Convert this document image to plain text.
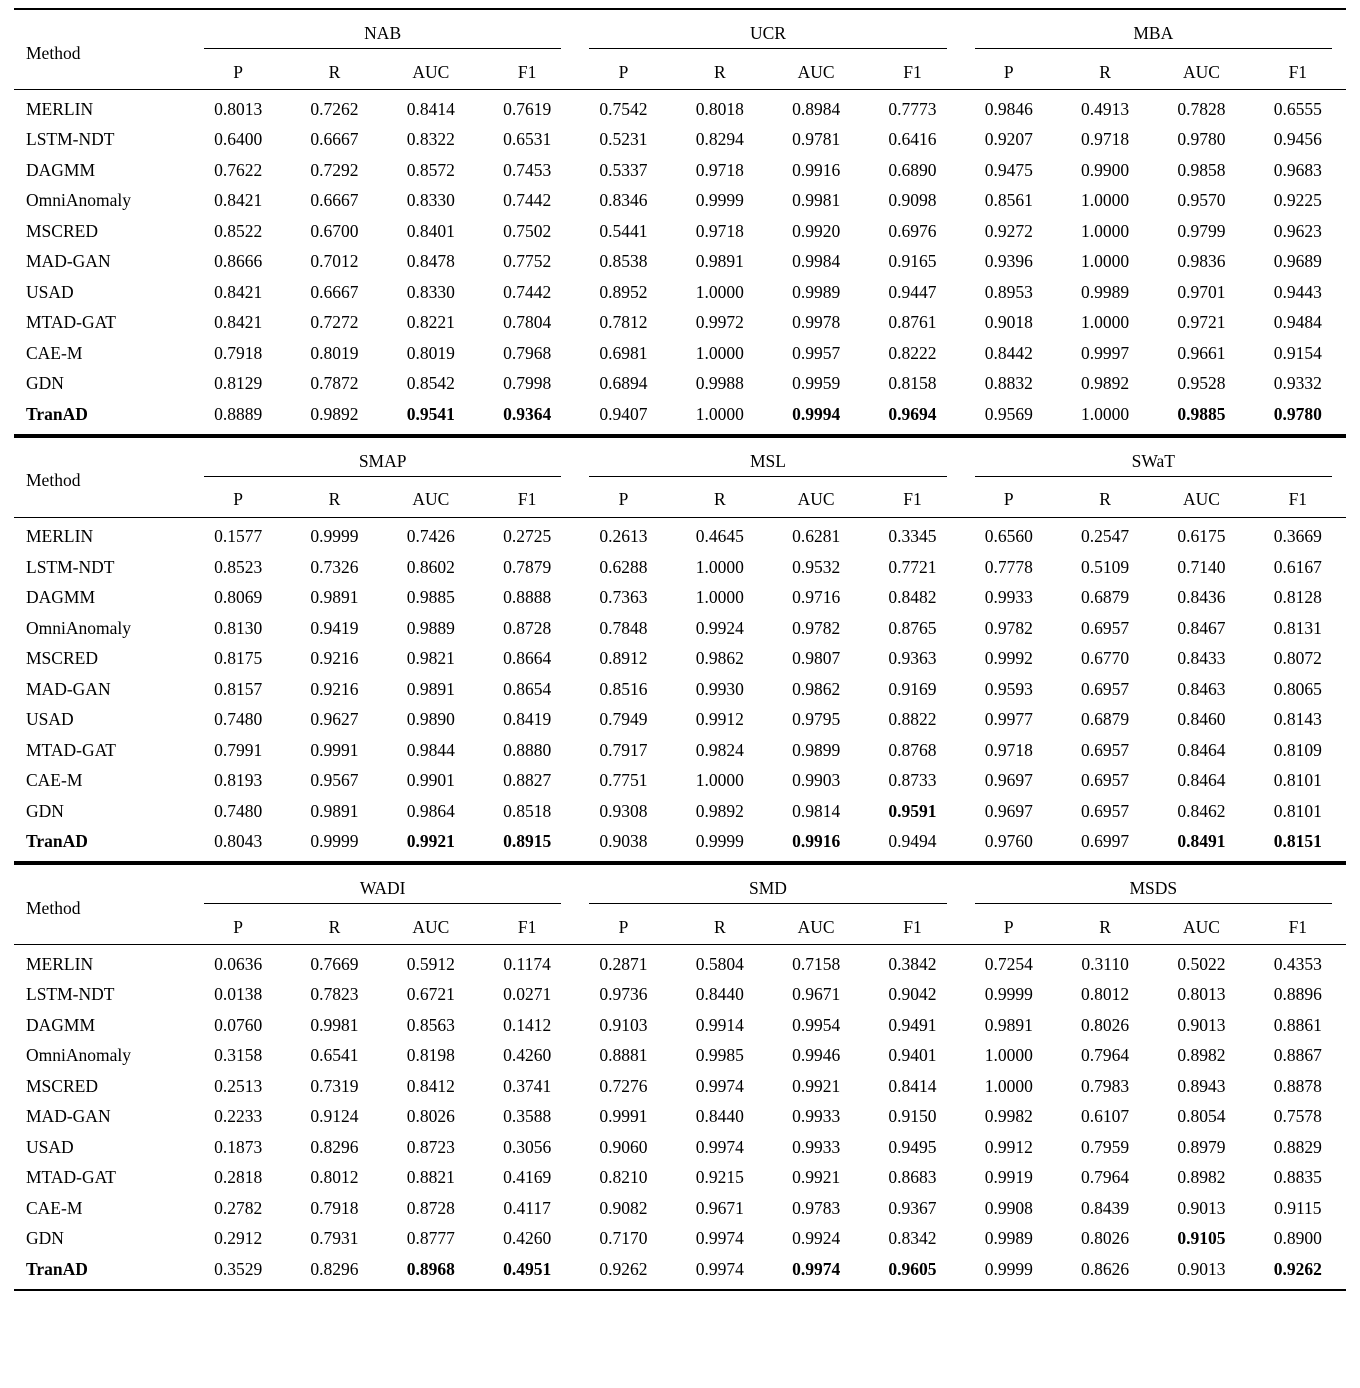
Method	NAB				UCR				MBA			

	P	R	AUC	F1	P	R	AUC	F1	P	R	AUC	F1

MERLIN	0.8013	0.7262	0.8414	0.7619	0.7542	0.8018	0.8984	0.7773	0.9846	0.4913	0.7828	0.6555
LSTM-NDT	0.6400	0.6667	0.8322	0.6531	0.5231	0.8294	0.9781	0.6416	0.9207	0.9718	0.9780	0.9456
DAGMM	0.7622	0.7292	0.8572	0.7453	0.5337	0.9718	0.9916	0.6890	0.9475	0.9900	0.9858	0.9683
OmniAnomaly	0.8421	0.6667	0.8330	0.7442	0.8346	0.9999	0.9981	0.9098	0.8561	1.0000	0.9570	0.9225
MSCRED	0.8522	0.6700	0.8401	0.7502	0.5441	0.9718	0.9920	0.6976	0.9272	1.0000	0.9799	0.9623
MAD-GAN	0.8666	0.7012	0.8478	0.7752	0.8538	0.9891	0.9984	0.9165	0.9396	1.0000	0.9836	0.9689
USAD	0.8421	0.6667	0.8330	0.7442	0.8952	1.0000	0.9989	0.9447	0.8953	0.9989	0.9701	0.9443
MTAD-GAT	0.8421	0.7272	0.8221	0.7804	0.7812	0.9972	0.9978	0.8761	0.9018	1.0000	0.9721	0.9484
CAE-M	0.7918	0.8019	0.8019	0.7968	0.6981	1.0000	0.9957	0.8222	0.8442	0.9997	0.9661	0.9154
GDN	0.8129	0.7872	0.8542	0.7998	0.6894	0.9988	0.9959	0.8158	0.8832	0.9892	0.9528	0.9332
TranAD	0.8889	0.9892	0.9541	0.9364	0.9407	1.0000	0.9994	0.9694	0.9569	1.0000	0.9885	0.9780

Method	SMAP				MSL				SWaT			

	P	R	AUC	F1	P	R	AUC	F1	P	R	AUC	F1

MERLIN	0.1577	0.9999	0.7426	0.2725	0.2613	0.4645	0.6281	0.3345	0.6560	0.2547	0.6175	0.3669
LSTM-NDT	0.8523	0.7326	0.8602	0.7879	0.6288	1.0000	0.9532	0.7721	0.7778	0.5109	0.7140	0.6167
DAGMM	0.8069	0.9891	0.9885	0.8888	0.7363	1.0000	0.9716	0.8482	0.9933	0.6879	0.8436	0.8128
OmniAnomaly	0.8130	0.9419	0.9889	0.8728	0.7848	0.9924	0.9782	0.8765	0.9782	0.6957	0.8467	0.8131
MSCRED	0.8175	0.9216	0.9821	0.8664	0.8912	0.9862	0.9807	0.9363	0.9992	0.6770	0.8433	0.8072
MAD-GAN	0.8157	0.9216	0.9891	0.8654	0.8516	0.9930	0.9862	0.9169	0.9593	0.6957	0.8463	0.8065
USAD	0.7480	0.9627	0.9890	0.8419	0.7949	0.9912	0.9795	0.8822	0.9977	0.6879	0.8460	0.8143
MTAD-GAT	0.7991	0.9991	0.9844	0.8880	0.7917	0.9824	0.9899	0.8768	0.9718	0.6957	0.8464	0.8109
CAE-M	0.8193	0.9567	0.9901	0.8827	0.7751	1.0000	0.9903	0.8733	0.9697	0.6957	0.8464	0.8101
GDN	0.7480	0.9891	0.9864	0.8518	0.9308	0.9892	0.9814	0.9591	0.9697	0.6957	0.8462	0.8101
TranAD	0.8043	0.9999	0.9921	0.8915	0.9038	0.9999	0.9916	0.9494	0.9760	0.6997	0.8491	0.8151

Method	WADI				SMD				MSDS			

	P	R	AUC	F1	P	R	AUC	F1	P	R	AUC	F1

MERLIN	0.0636	0.7669	0.5912	0.1174	0.2871	0.5804	0.7158	0.3842	0.7254	0.3110	0.5022	0.4353
LSTM-NDT	0.0138	0.7823	0.6721	0.0271	0.9736	0.8440	0.9671	0.9042	0.9999	0.8012	0.8013	0.8896
DAGMM	0.0760	0.9981	0.8563	0.1412	0.9103	0.9914	0.9954	0.9491	0.9891	0.8026	0.9013	0.8861
OmniAnomaly	0.3158	0.6541	0.8198	0.4260	0.8881	0.9985	0.9946	0.9401	1.0000	0.7964	0.8982	0.8867
MSCRED	0.2513	0.7319	0.8412	0.3741	0.7276	0.9974	0.9921	0.8414	1.0000	0.7983	0.8943	0.8878
MAD-GAN	0.2233	0.9124	0.8026	0.3588	0.9991	0.8440	0.9933	0.9150	0.9982	0.6107	0.8054	0.7578
USAD	0.1873	0.8296	0.8723	0.3056	0.9060	0.9974	0.9933	0.9495	0.9912	0.7959	0.8979	0.8829
MTAD-GAT	0.2818	0.8012	0.8821	0.4169	0.8210	0.9215	0.9921	0.8683	0.9919	0.7964	0.8982	0.8835
CAE-M	0.2782	0.7918	0.8728	0.4117	0.9082	0.9671	0.9783	0.9367	0.9908	0.8439	0.9013	0.9115
GDN	0.2912	0.7931	0.8777	0.4260	0.7170	0.9974	0.9924	0.8342	0.9989	0.8026	0.9105	0.8900
TranAD	0.3529	0.8296	0.8968	0.4951	0.9262	0.9974	0.9974	0.9605	0.9999	0.8626	0.9013	0.9262
